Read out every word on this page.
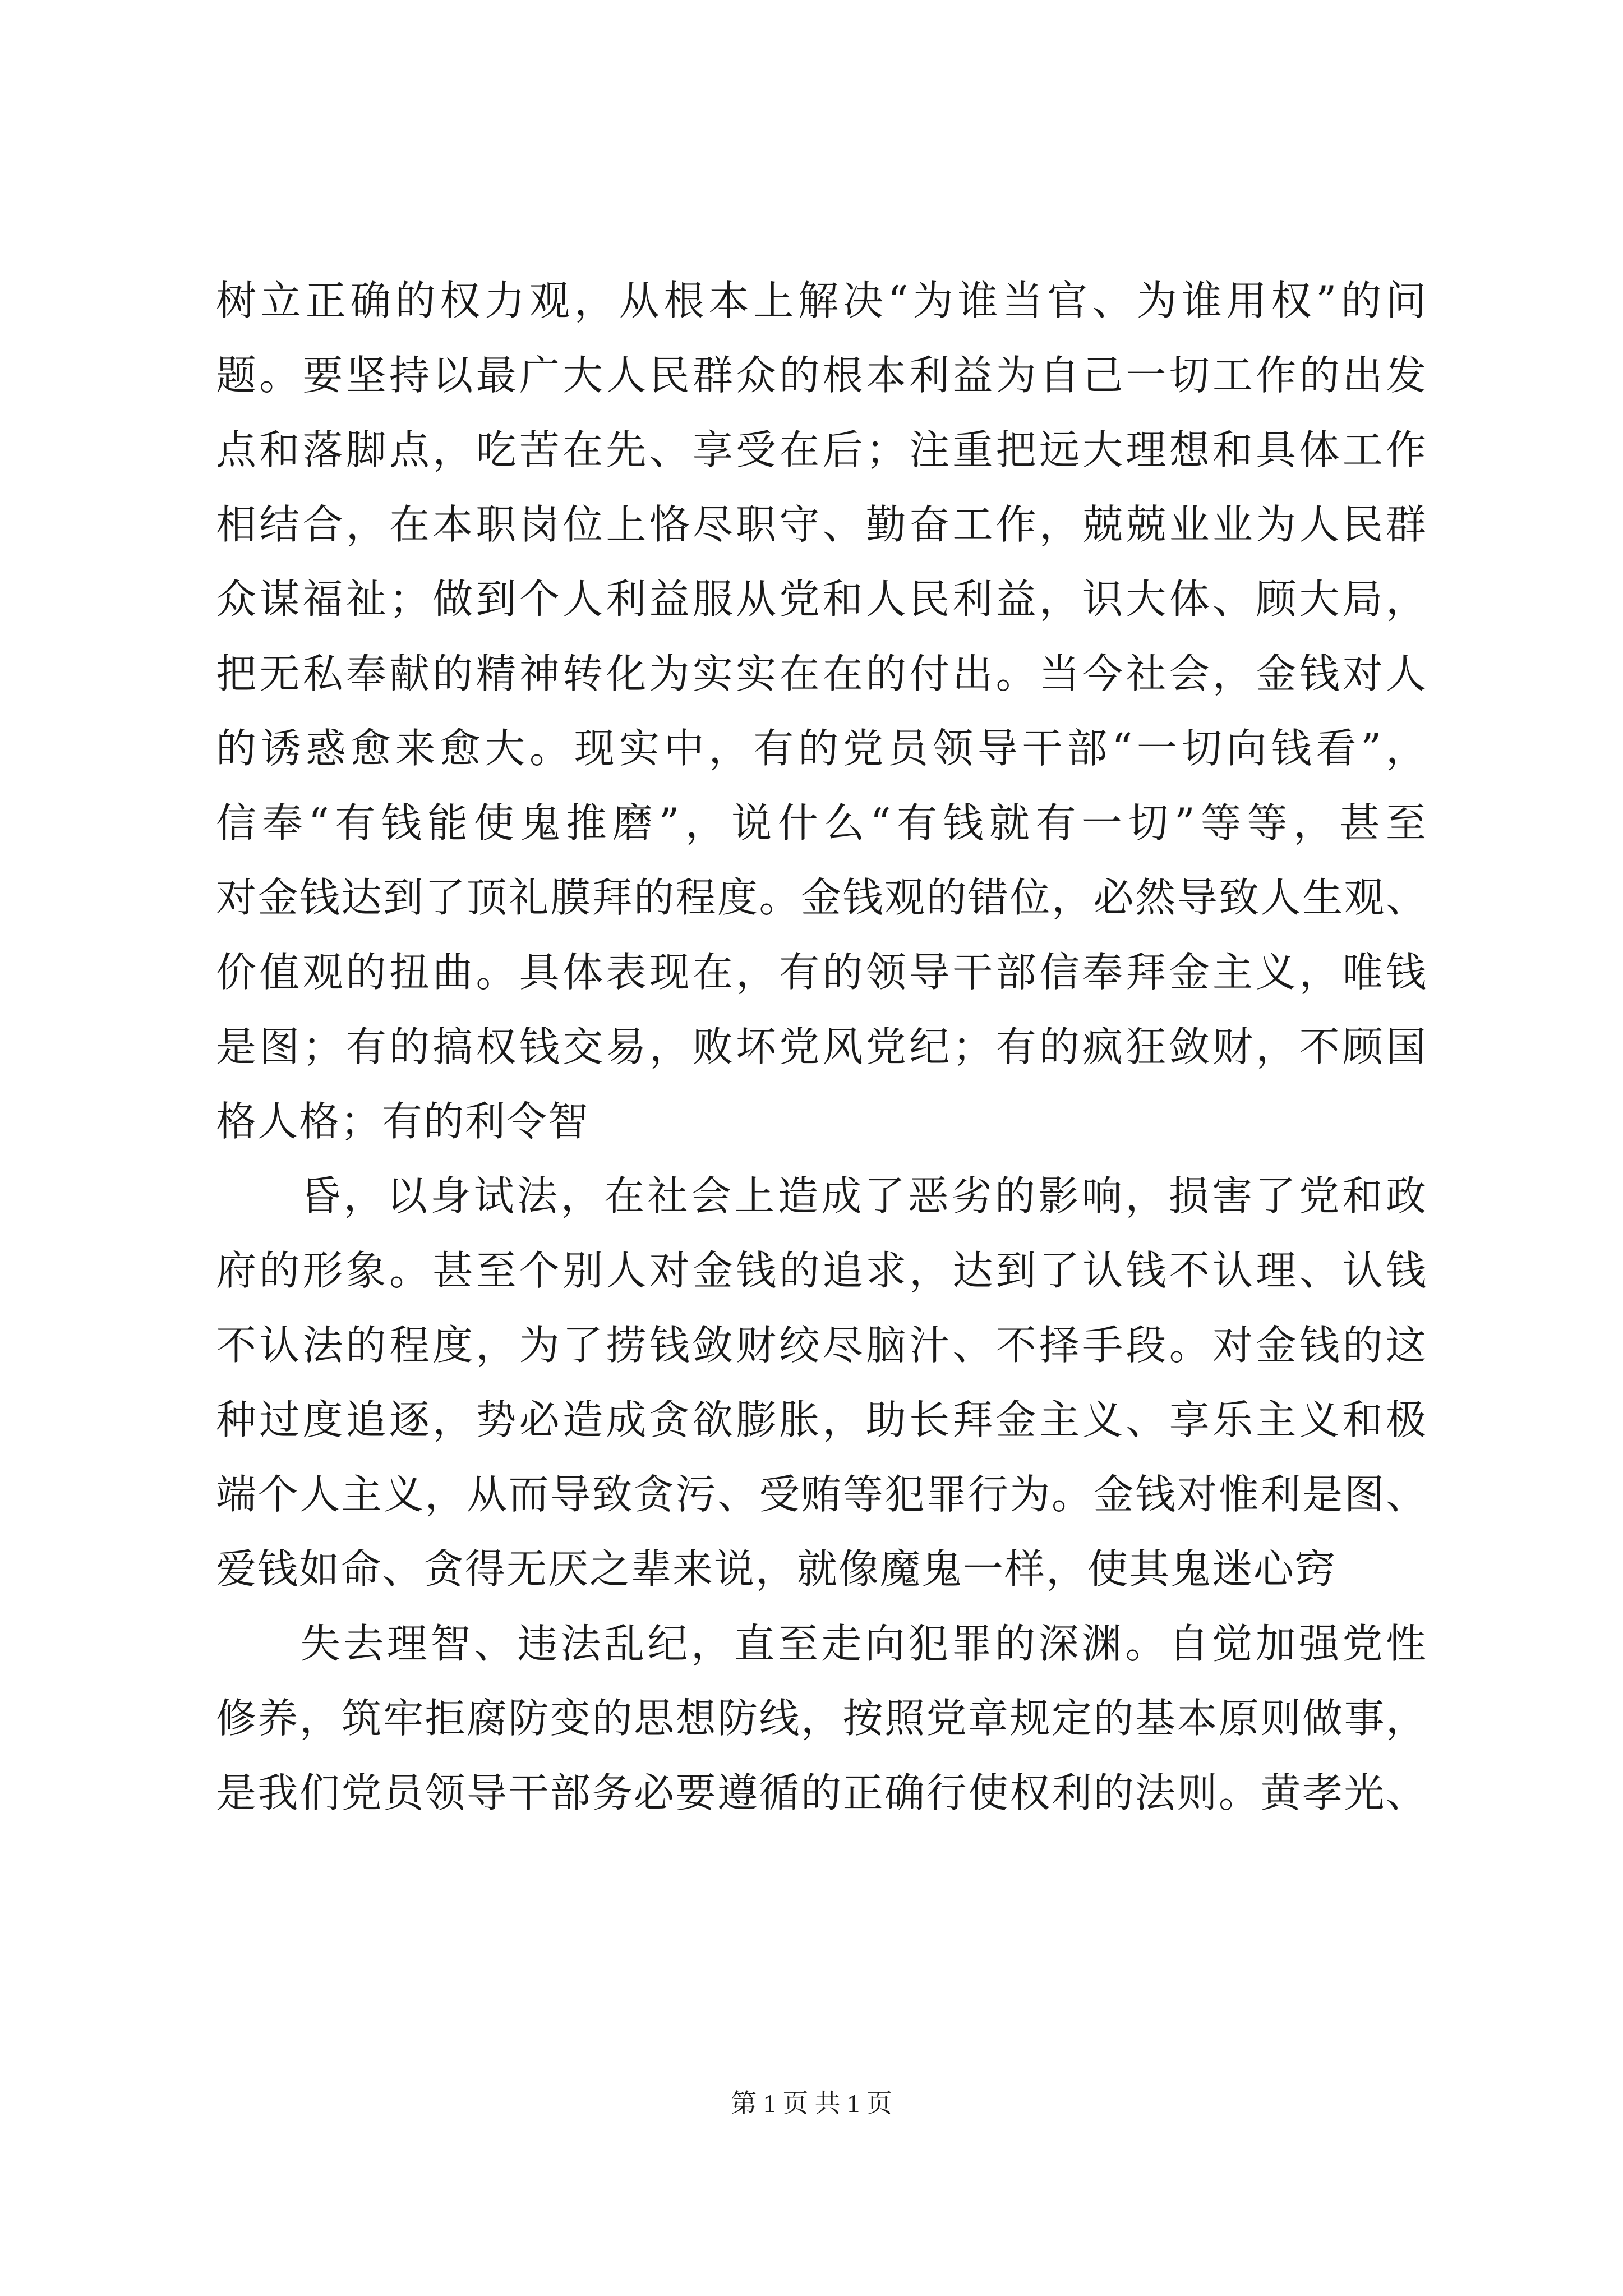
树立正确的权力观，从根本上解决“为谁当官、为谁用权”的问
题。要坚持以最广大人民群众的根本利益为自己一切工作的出发
点和落脚点，吃苦在先、享受在后；注重把远大理想和具体工作
相结合，在本职岗位上恪尽职守、勤奋工作，兢兢业业为人民群
众谋福祉；做到个人利益服从党和人民利益，识大体、顾大局，
把无私奉献的精神转化为实实在在的付出。当今社会，金钱对人
的诱惑愈来愈大。现实中，有的党员领导干部“一切向钱看”，
信奉“有钱能使鬼推磨”，说什么“有钱就有一切”等等，甚至
对金钱达到了顶礼膜拜的程度。金钱观的错位，必然导致人生观、
价值观的扭曲。具体表现在，有的领导干部信奉拜金主义，唯钱
是图；有的搞权钱交易，败坏党风党纪；有的疯狂敛财，不顾国
格人格；有的利令智
昏，以身试法，在社会上造成了恶劣的影响，损害了党和政
府的形象。甚至个别人对金钱的追求，达到了认钱不认理、认钱
不认法的程度，为了捞钱敛财绞尽脑汁、不择手段。对金钱的这
种过度追逐，势必造成贪欲膨胀，助长拜金主义、享乐主义和极
端个人主义，从而导致贪污、受贿等犯罪行为。金钱对惟利是图、
爱钱如命、贪得无厌之辈来说，就像魔鬼一样，使其鬼迷心窍
失去理智、违法乱纪，直至走向犯罪的深渊。自觉加强党性
修养，筑牢拒腐防变的思想防线，按照党章规定的基本原则做事，
是我们党员领导干部务必要遵循的正确行使权利的法则。黄孝光、
第 1 页 共 1 页
